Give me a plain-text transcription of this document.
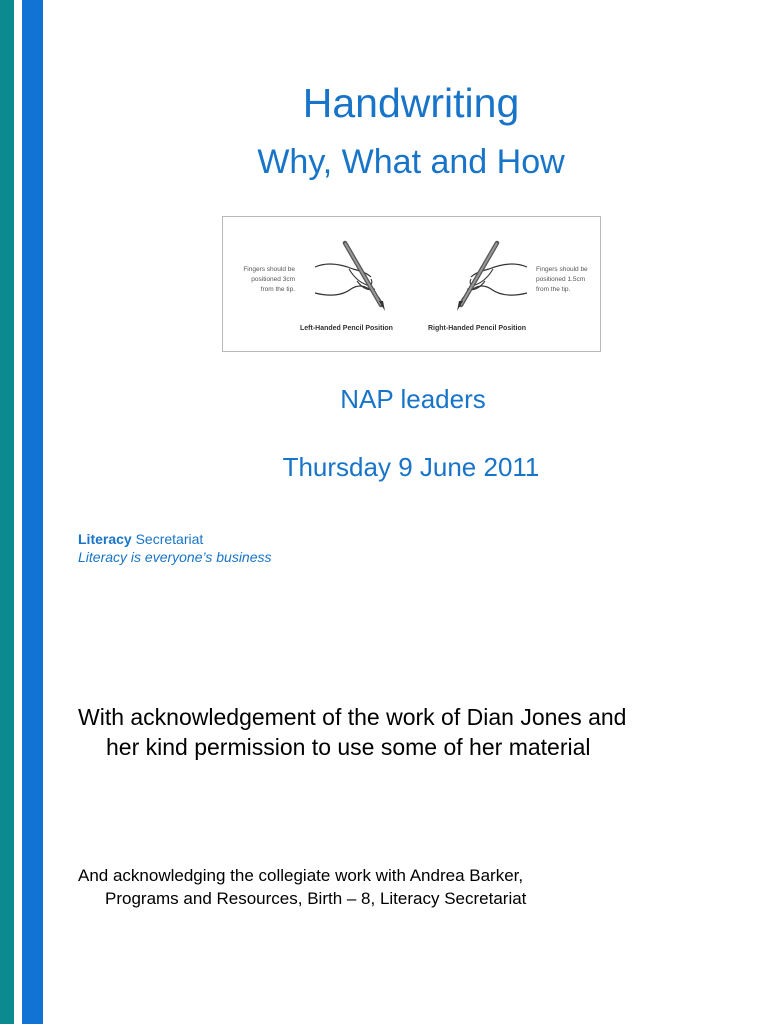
Handwriting
Why, What and How
Fingers should be positioned 3cm from the tip.
Left-Handed Pencil Position
Fingers should be positioned 1.5cm from the tip.
Right-Handed Pencil Position
NAP leaders
Thursday 9 June 2011
Literacy Secretariat
Literacy is everyone’s business
With acknowledgement of the work of Dian Jones and
her kind permission to use some of her material
And acknowledging the collegiate work with Andrea Barker,
Programs and Resources, Birth – 8, Literacy Secretariat
